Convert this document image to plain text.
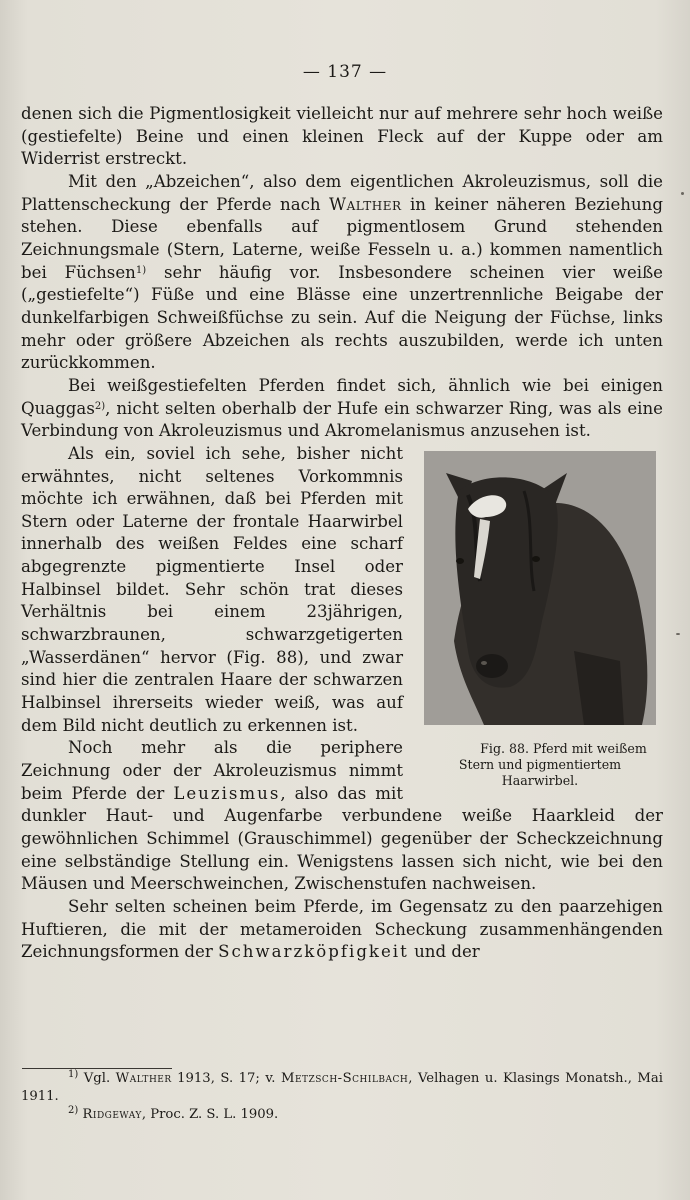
— 137 —

denen sich die Pigmentlosigkeit vielleicht nur auf mehrere sehr hoch weiße (gestiefelte) Beine und einen kleinen Fleck auf der Kuppe oder am Widerrist erstreckt.

Mit den „Abzeichen“, also dem eigentlichen Akroleuzismus, soll die Plattenscheckung der Pferde nach Walther in keiner näheren Beziehung stehen. Diese ebenfalls auf pigmentlosem Grund stehenden Zeichnungsmale (Stern, Laterne, weiße Fesseln u. a.) kommen namentlich bei Füchsen$^{1)}$ sehr häufig vor. Insbesondere scheinen vier weiße („gestiefelte“) Füße und eine Blässe eine unzertrennliche Beigabe der dunkelfarbigen Schweißfüchse zu sein. Auf die Neigung der Füchse, links mehr oder größere Abzeichen als rechts auszubilden, werde ich unten zurückkommen.

Bei weißgestiefelten Pferden findet sich, ähnlich wie bei einigen Quaggas$^{2)}$, nicht selten oberhalb der Hufe ein schwarzer Ring, was als eine Verbindung von Akroleuzismus und Akromelanismus anzusehen ist.

Fig. 88. Pferd mit weißem Stern und pigmentiertem Haarwirbel.
Als ein, soviel ich sehe, bisher nicht erwähntes, nicht seltenes Vorkommnis möchte ich erwähnen, daß bei Pferden mit Stern oder Laterne der frontale Haarwirbel innerhalb des weißen Feldes eine scharf abgegrenzte pigmentierte Insel oder Halbinsel bildet. Sehr schön trat dieses Verhältnis bei einem 23jährigen, schwarzbraunen, schwarzgetigerten „Wasserdänen“ hervor (Fig. 88), und zwar sind hier die zentralen Haare der schwarzen Halbinsel ihrerseits wieder weiß, was auf dem Bild nicht deutlich zu erkennen ist.

Noch mehr als die periphere Zeichnung oder der Akroleuzismus nimmt beim Pferde der Leuzismus, also das mit dunkler Haut- und Augenfarbe verbundene weiße Haarkleid der gewöhnlichen Schimmel (Grauschimmel) gegenüber der Scheckzeichnung eine selbständige Stellung ein. Wenigstens lassen sich nicht, wie bei den Mäusen und Meerschweinchen, Zwischenstufen nachweisen.

Sehr selten scheinen beim Pferde, im Gegensatz zu den paarzehigen Huftieren, die mit der metameroiden Scheckung zusammenhängenden Zeichnungsformen der Schwarzköpfigkeit und der

$^{1)}$ Vgl. Walther 1913, S. 17; v. Metzsch-Schilbach, Velhagen u. Klasings Monatsh., Mai 1911.

$^{2)}$ Ridgeway, Proc. Z. S. L. 1909.
